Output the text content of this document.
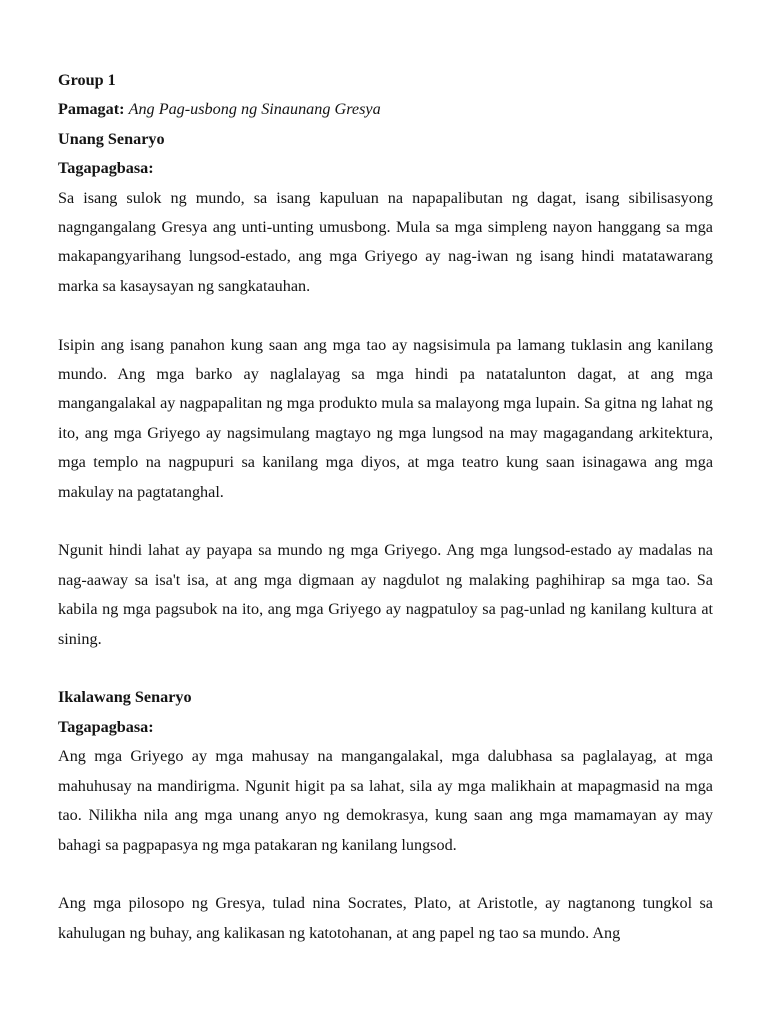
Group 1

Pamagat: Ang Pag-usbong ng Sinaunang Gresya

Unang Senaryo

Tagapagbasa:

Sa isang sulok ng mundo, sa isang kapuluan na napapalibutan ng dagat, isang sibilisasyong nagngangalang Gresya ang unti-unting umusbong. Mula sa mga simpleng nayon hanggang sa mga makapangyarihang lungsod-estado, ang mga Griyego ay nag-iwan ng isang hindi matatawarang marka sa kasaysayan ng sangkatauhan.

Isipin ang isang panahon kung saan ang mga tao ay nagsisimula pa lamang tuklasin ang kanilang mundo. Ang mga barko ay naglalayag sa mga hindi pa natatalunton dagat, at ang mga mangangalakal ay nagpapalitan ng mga produkto mula sa malayong mga lupain. Sa gitna ng lahat ng ito, ang mga Griyego ay nagsimulang magtayo ng mga lungsod na may magagandang arkitektura, mga templo na nagpupuri sa kanilang mga diyos, at mga teatro kung saan isinagawa ang mga makulay na pagtatanghal.

Ngunit hindi lahat ay payapa sa mundo ng mga Griyego. Ang mga lungsod-estado ay madalas na nag-aaway sa isa't isa, at ang mga digmaan ay nagdulot ng malaking paghihirap sa mga tao. Sa kabila ng mga pagsubok na ito, ang mga Griyego ay nagpatuloy sa pag-unlad ng kanilang kultura at sining.

Ikalawang Senaryo

Tagapagbasa:

Ang mga Griyego ay mga mahusay na mangangalakal, mga dalubhasa sa paglalayag, at mga mahuhusay na mandirigma. Ngunit higit pa sa lahat, sila ay mga malikhain at mapagmasid na mga tao. Nilikha nila ang mga unang anyo ng demokrasya, kung saan ang mga mamamayan ay may bahagi sa pagpapasya ng mga patakaran ng kanilang lungsod.

Ang mga pilosopo ng Gresya, tulad nina Socrates, Plato, at Aristotle, ay nagtanong tungkol sa kahulugan ng buhay, ang kalikasan ng katotohanan, at ang papel ng tao sa mundo. Ang
